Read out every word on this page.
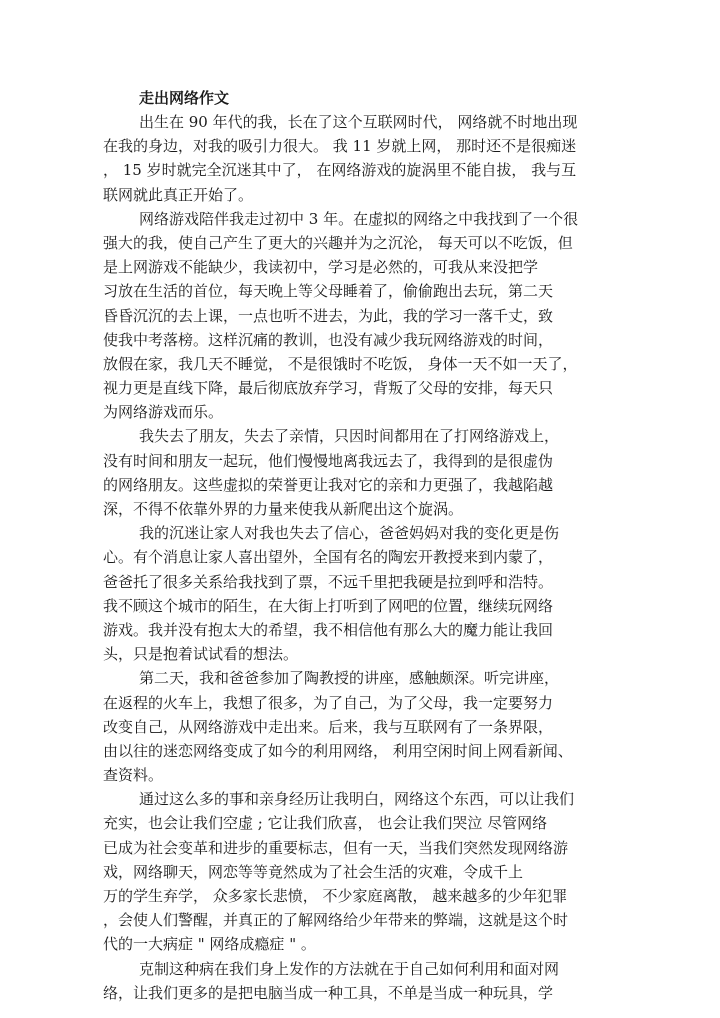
走出网络作文
出生在 90 年代的我，长在了这个互联网时代， 网络就不时地出现
在我的身边，对我的吸引力很大。 我 11 岁就上网， 那时还不是很痴迷
， 15 岁时就完全沉迷其中了， 在网络游戏的旋涡里不能自拔， 我与互
联网就此真正开始了。
网络游戏陪伴我走过初中 3 年。在虚拟的网络之中我找到了一个很
强大的我，使自己产生了更大的兴趣并为之沉沦， 每天可以不吃饭，但
是上网游戏不能缺少，我读初中，学习是必然的，可我从来没把学
习放在生活的首位，每天晚上等父母睡着了，偷偷跑出去玩，第二天
昏昏沉沉的去上课，一点也听不进去，为此，我的学习一落千丈，致
使我中考落榜。这样沉痛的教训，也没有减少我玩网络游戏的时间，
放假在家，我几天不睡觉， 不是很饿时不吃饭， 身体一天不如一天了，
视力更是直线下降，最后彻底放弃学习，背叛了父母的安排，每天只
为网络游戏而乐。
我失去了朋友，失去了亲情，只因时间都用在了打网络游戏上，
没有时间和朋友一起玩，他们慢慢地离我远去了，我得到的是很虚伪
的网络朋友。这些虚拟的荣誉更让我对它的亲和力更强了，我越陷越
深，不得不依靠外界的力量来使我从新爬出这个旋涡。
我的沉迷让家人对我也失去了信心，爸爸妈妈对我的变化更是伤
心。有个消息让家人喜出望外，全国有名的陶宏开教授来到内蒙了，
爸爸托了很多关系给我找到了票，不远千里把我硬是拉到呼和浩特。
我不顾这个城市的陌生，在大街上打听到了网吧的位置，继续玩网络
游戏。我并没有抱太大的希望，我不相信他有那么大的魔力能让我回
头，只是抱着试试看的想法。
第二天，我和爸爸参加了陶教授的讲座，感触颇深。听完讲座，
在返程的火车上，我想了很多，为了自己，为了父母，我一定要努力
改变自己，从网络游戏中走出来。后来，我与互联网有了一条界限，
由以往的迷恋网络变成了如今的利用网络， 利用空闲时间上网看新闻、
查资料。
通过这么多的事和亲身经历让我明白，网络这个东西，可以让我们
充实，也会让我们空虚 ; 它让我们欣喜， 也会让我们哭泣 尽管网络
已成为社会变革和进步的重要标志，但有一天，当我们突然发现网络游
戏，网络聊天，网恋等等竟然成为了社会生活的灾难，令成千上
万的学生弃学， 众多家长悲愤， 不少家庭离散， 越来越多的少年犯罪
，会使人们警醒，并真正的了解网络给少年带来的弊端，这就是这个时
代的一大病症 " 网络成瘾症 " 。
克制这种病在我们身上发作的方法就在于自己如何利用和面对网
络，让我们更多的是把电脑当成一种工具，不单是当成一种玩具，学
